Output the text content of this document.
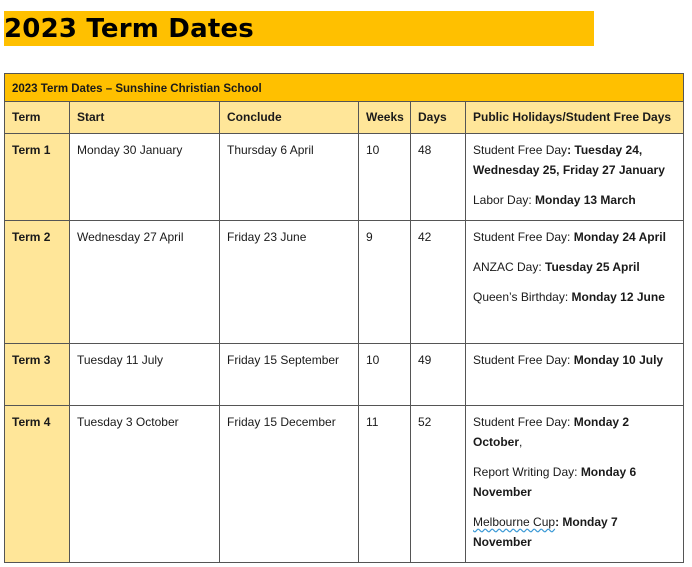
2023 Term Dates
2023 Term Dates – Sunshine Christian School					
Term	Start	Conclude	Weeks	Days	Public Holidays/Student Free Days
Term 1	Monday 30 January	Thursday 6 April	10	48	Student Free Day: Tuesday 24, Wednesday 25, Friday 27 January
Labor Day: Monday 13 March

Term 2	Wednesday 27 April	Friday 23 June	9	42	Student Free Day: Monday 24 April
ANZAC Day: Tuesday 25 April
Queen’s Birthday: Monday 12 June

Term 3	Tuesday 11 July	Friday 15 September	10	49	Student Free Day: Monday 10 July

Term 4	Tuesday 3 October	Friday 15 December	11	52	Student Free Day: Monday 2 October,
Report Writing Day: Monday 6 November
Melbourne Cup: Monday 7 November
